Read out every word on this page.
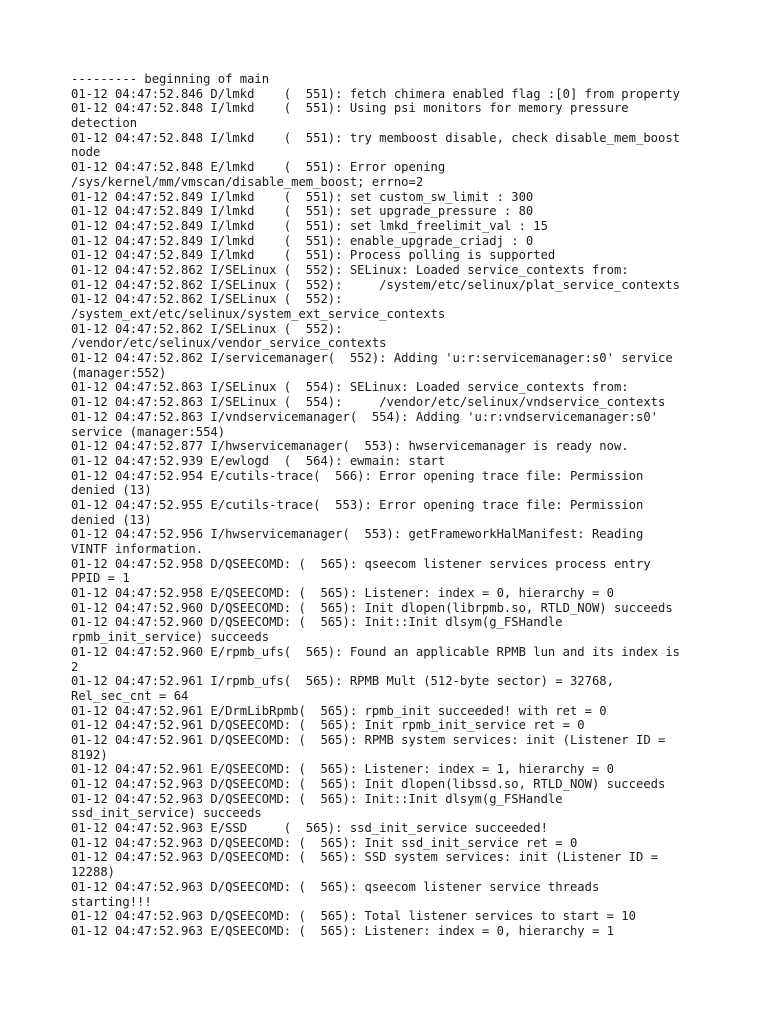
--------- beginning of main
01-12 04:47:52.846 D/lmkd    (  551): fetch chimera enabled flag :[0] from property
01-12 04:47:52.848 I/lmkd    (  551): Using psi monitors for memory pressure
detection
01-12 04:47:52.848 I/lmkd    (  551): try memboost disable, check disable_mem_boost
node
01-12 04:47:52.848 E/lmkd    (  551): Error opening
/sys/kernel/mm/vmscan/disable_mem_boost; errno=2
01-12 04:47:52.849 I/lmkd    (  551): set custom_sw_limit : 300
01-12 04:47:52.849 I/lmkd    (  551): set upgrade_pressure : 80
01-12 04:47:52.849 I/lmkd    (  551): set lmkd_freelimit_val : 15
01-12 04:47:52.849 I/lmkd    (  551): enable_upgrade_criadj : 0
01-12 04:47:52.849 I/lmkd    (  551): Process polling is supported
01-12 04:47:52.862 I/SELinux (  552): SELinux: Loaded service_contexts from:
01-12 04:47:52.862 I/SELinux (  552):     /system/etc/selinux/plat_service_contexts
01-12 04:47:52.862 I/SELinux (  552):
/system_ext/etc/selinux/system_ext_service_contexts
01-12 04:47:52.862 I/SELinux (  552):
/vendor/etc/selinux/vendor_service_contexts
01-12 04:47:52.862 I/servicemanager(  552): Adding 'u:r:servicemanager:s0' service
(manager:552)
01-12 04:47:52.863 I/SELinux (  554): SELinux: Loaded service_contexts from:
01-12 04:47:52.863 I/SELinux (  554):     /vendor/etc/selinux/vndservice_contexts
01-12 04:47:52.863 I/vndservicemanager(  554): Adding 'u:r:vndservicemanager:s0'
service (manager:554)
01-12 04:47:52.877 I/hwservicemanager(  553): hwservicemanager is ready now.
01-12 04:47:52.939 E/ewlogd  (  564): ewmain: start
01-12 04:47:52.954 E/cutils-trace(  566): Error opening trace file: Permission
denied (13)
01-12 04:47:52.955 E/cutils-trace(  553): Error opening trace file: Permission
denied (13)
01-12 04:47:52.956 I/hwservicemanager(  553): getFrameworkHalManifest: Reading
VINTF information.
01-12 04:47:52.958 D/QSEECOMD: (  565): qseecom listener services process entry
PPID = 1
01-12 04:47:52.958 E/QSEECOMD: (  565): Listener: index = 0, hierarchy = 0
01-12 04:47:52.960 D/QSEECOMD: (  565): Init dlopen(librpmb.so, RTLD_NOW) succeeds
01-12 04:47:52.960 D/QSEECOMD: (  565): Init::Init dlsym(g_FSHandle
rpmb_init_service) succeeds
01-12 04:47:52.960 E/rpmb_ufs(  565): Found an applicable RPMB lun and its index is
2
01-12 04:47:52.961 I/rpmb_ufs(  565): RPMB Mult (512-byte sector) = 32768,
Rel_sec_cnt = 64
01-12 04:47:52.961 E/DrmLibRpmb(  565): rpmb_init succeeded! with ret = 0
01-12 04:47:52.961 D/QSEECOMD: (  565): Init rpmb_init_service ret = 0
01-12 04:47:52.961 D/QSEECOMD: (  565): RPMB system services: init (Listener ID =
8192)
01-12 04:47:52.961 E/QSEECOMD: (  565): Listener: index = 1, hierarchy = 0
01-12 04:47:52.963 D/QSEECOMD: (  565): Init dlopen(libssd.so, RTLD_NOW) succeeds
01-12 04:47:52.963 D/QSEECOMD: (  565): Init::Init dlsym(g_FSHandle
ssd_init_service) succeeds
01-12 04:47:52.963 E/SSD     (  565): ssd_init_service succeeded!
01-12 04:47:52.963 D/QSEECOMD: (  565): Init ssd_init_service ret = 0
01-12 04:47:52.963 D/QSEECOMD: (  565): SSD system services: init (Listener ID =
12288)
01-12 04:47:52.963 D/QSEECOMD: (  565): qseecom listener service threads
starting!!!
01-12 04:47:52.963 D/QSEECOMD: (  565): Total listener services to start = 10
01-12 04:47:52.963 E/QSEECOMD: (  565): Listener: index = 0, hierarchy = 1
